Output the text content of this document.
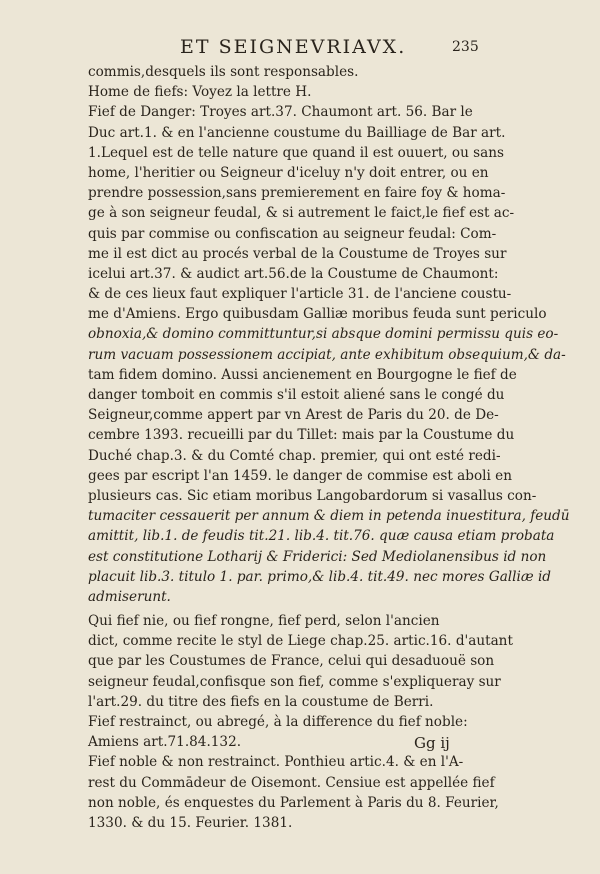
ET SEIGNEVRIAVX.	235
commis,desquels ils sont responsables.
Home de fiefs: Voyez la lettre H.
Fief de Danger: Troyes art.37. Chaumont art. 56. Bar le
Duc art.1. & en l'ancienne coustume du Bailliage de Bar art.
1.Lequel est de telle nature que quand il est ouuert, ou sans
home, l'heritier ou Seigneur d'iceluy n'y doit entrer, ou en
prendre possession,sans premierement en faire foy & homa-
ge à son seigneur feudal, & si autrement le faict,le fief est ac-
quis par commise ou confiscation au seigneur feudal: Com-
me il est dict au procés verbal de la Coustume de Troyes sur
icelui art.37. & audict art.56.de la Coustume de Chaumont:
& de ces lieux faut expliquer l'article 31. de l'anciene coustu-
me d'Amiens. Ergo quibusdam Galliæ moribus feuda sunt periculo
obnoxia,& domino committuntur,si absque domini permissu quis eo-
rum vacuam possessionem accipiat, ante exhibitum obsequium,& da-
tam fidem domino. Aussi ancienement en Bourgogne le fief de
danger tomboit en commis s'il estoit aliené sans le congé du
Seigneur,comme appert par vn Arest de Paris du 20. de De-
cembre 1393. recueilli par du Tillet: mais par la Coustume du
Duché chap.3. & du Comté chap. premier, qui ont esté redi-
gees par escript l'an 1459. le danger de commise est aboli en
plusieurs cas. Sic etiam moribus Langobardorum si vasallus con-
tumaciter cessauerit per annum & diem in petenda inuestitura, feudū
amittit, lib.1. de feudis tit.21. lib.4. tit.76. quæ causa etiam probata
est constitutione Lotharij & Friderici: Sed Mediolanensibus id non
placuit lib.3. titulo 1. par. primo,& lib.4. tit.49. nec mores Galliæ id
admiserunt.
Qui fief nie, ou fief rongne, fief perd, selon l'ancien
dict, comme recite le styl de Liege chap.25. artic.16. d'autant
que par les Coustumes de France, celui qui desaduouë son
seigneur feudal,confisque son fief, comme s'expliqueray sur
l'art.29. du titre des fiefs en la coustume de Berri.
Fief restrainct, ou abregé, à la difference du fief noble:
Amiens art.71.84.132.
Fief noble & non restrainct. Ponthieu artic.4. & en l'A-
rest du Commādeur de Oisemont. Censiue est appellée fief
non noble, és enquestes du Parlement à Paris du 8. Feurier,
1330. & du 15. Feurier. 1381.
Gg ij
